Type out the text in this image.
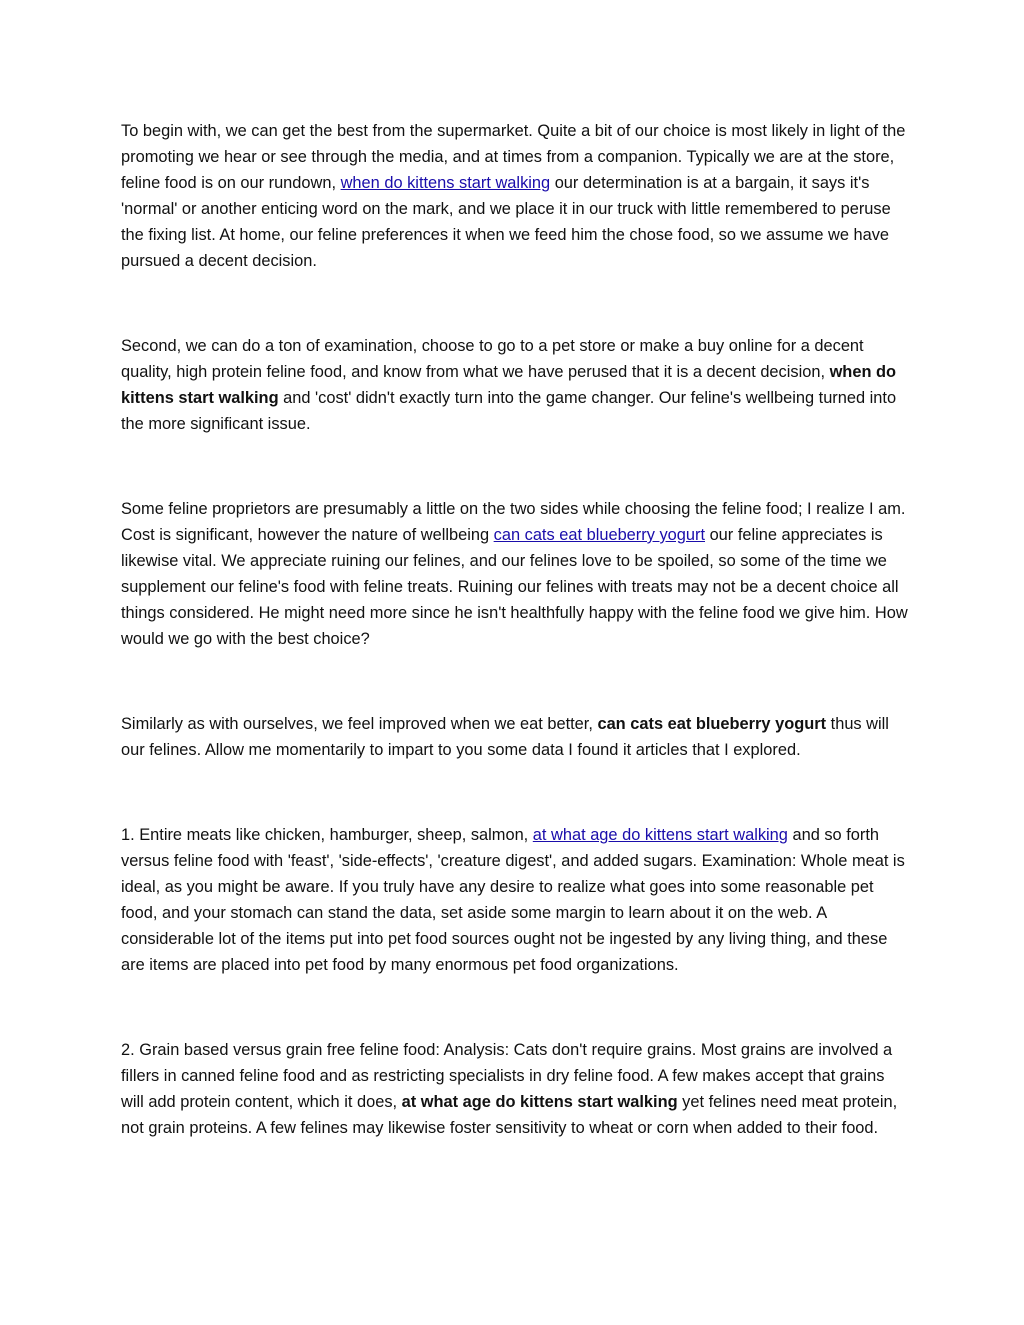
To begin with, we can get the best from the supermarket. Quite a bit of our choice is most likely in light of the promoting we hear or see through the media, and at times from a companion. Typically we are at the store, feline food is on our rundown, when do kittens start walking our determination is at a bargain, it says it's 'normal' or another enticing word on the mark, and we place it in our truck with little remembered to peruse the fixing list. At home, our feline preferences it when we feed him the chose food, so we assume we have pursued a decent decision.

Second, we can do a ton of examination, choose to go to a pet store or make a buy online for a decent quality, high protein feline food, and know from what we have perused that it is a decent decision, when do kittens start walking and 'cost' didn't exactly turn into the game changer. Our feline's wellbeing turned into the more significant issue.

Some feline proprietors are presumably a little on the two sides while choosing the feline food; I realize I am. Cost is significant, however the nature of wellbeing can cats eat blueberry yogurt our feline appreciates is likewise vital. We appreciate ruining our felines, and our felines love to be spoiled, so some of the time we supplement our feline's food with feline treats. Ruining our felines with treats may not be a decent choice all things considered. He might need more since he isn't healthfully happy with the feline food we give him. How would we go with the best choice?

Similarly as with ourselves, we feel improved when we eat better, can cats eat blueberry yogurt thus will our felines. Allow me momentarily to impart to you some data I found it articles that I explored.

1. Entire meats like chicken, hamburger, sheep, salmon, at what age do kittens start walking and so forth versus feline food with 'feast', 'side-effects', 'creature digest', and added sugars. Examination: Whole meat is ideal, as you might be aware. If you truly have any desire to realize what goes into some reasonable pet food, and your stomach can stand the data, set aside some margin to learn about it on the web. A considerable lot of the items put into pet food sources ought not be ingested by any living thing, and these are items are placed into pet food by many enormous pet food organizations.

2. Grain based versus grain free feline food: Analysis: Cats don't require grains. Most grains are involved a fillers in canned feline food and as restricting specialists in dry feline food. A few makes accept that grains will add protein content, which it does, at what age do kittens start walking yet felines need meat protein, not grain proteins. A few felines may likewise foster sensitivity to wheat or corn when added to their food.
